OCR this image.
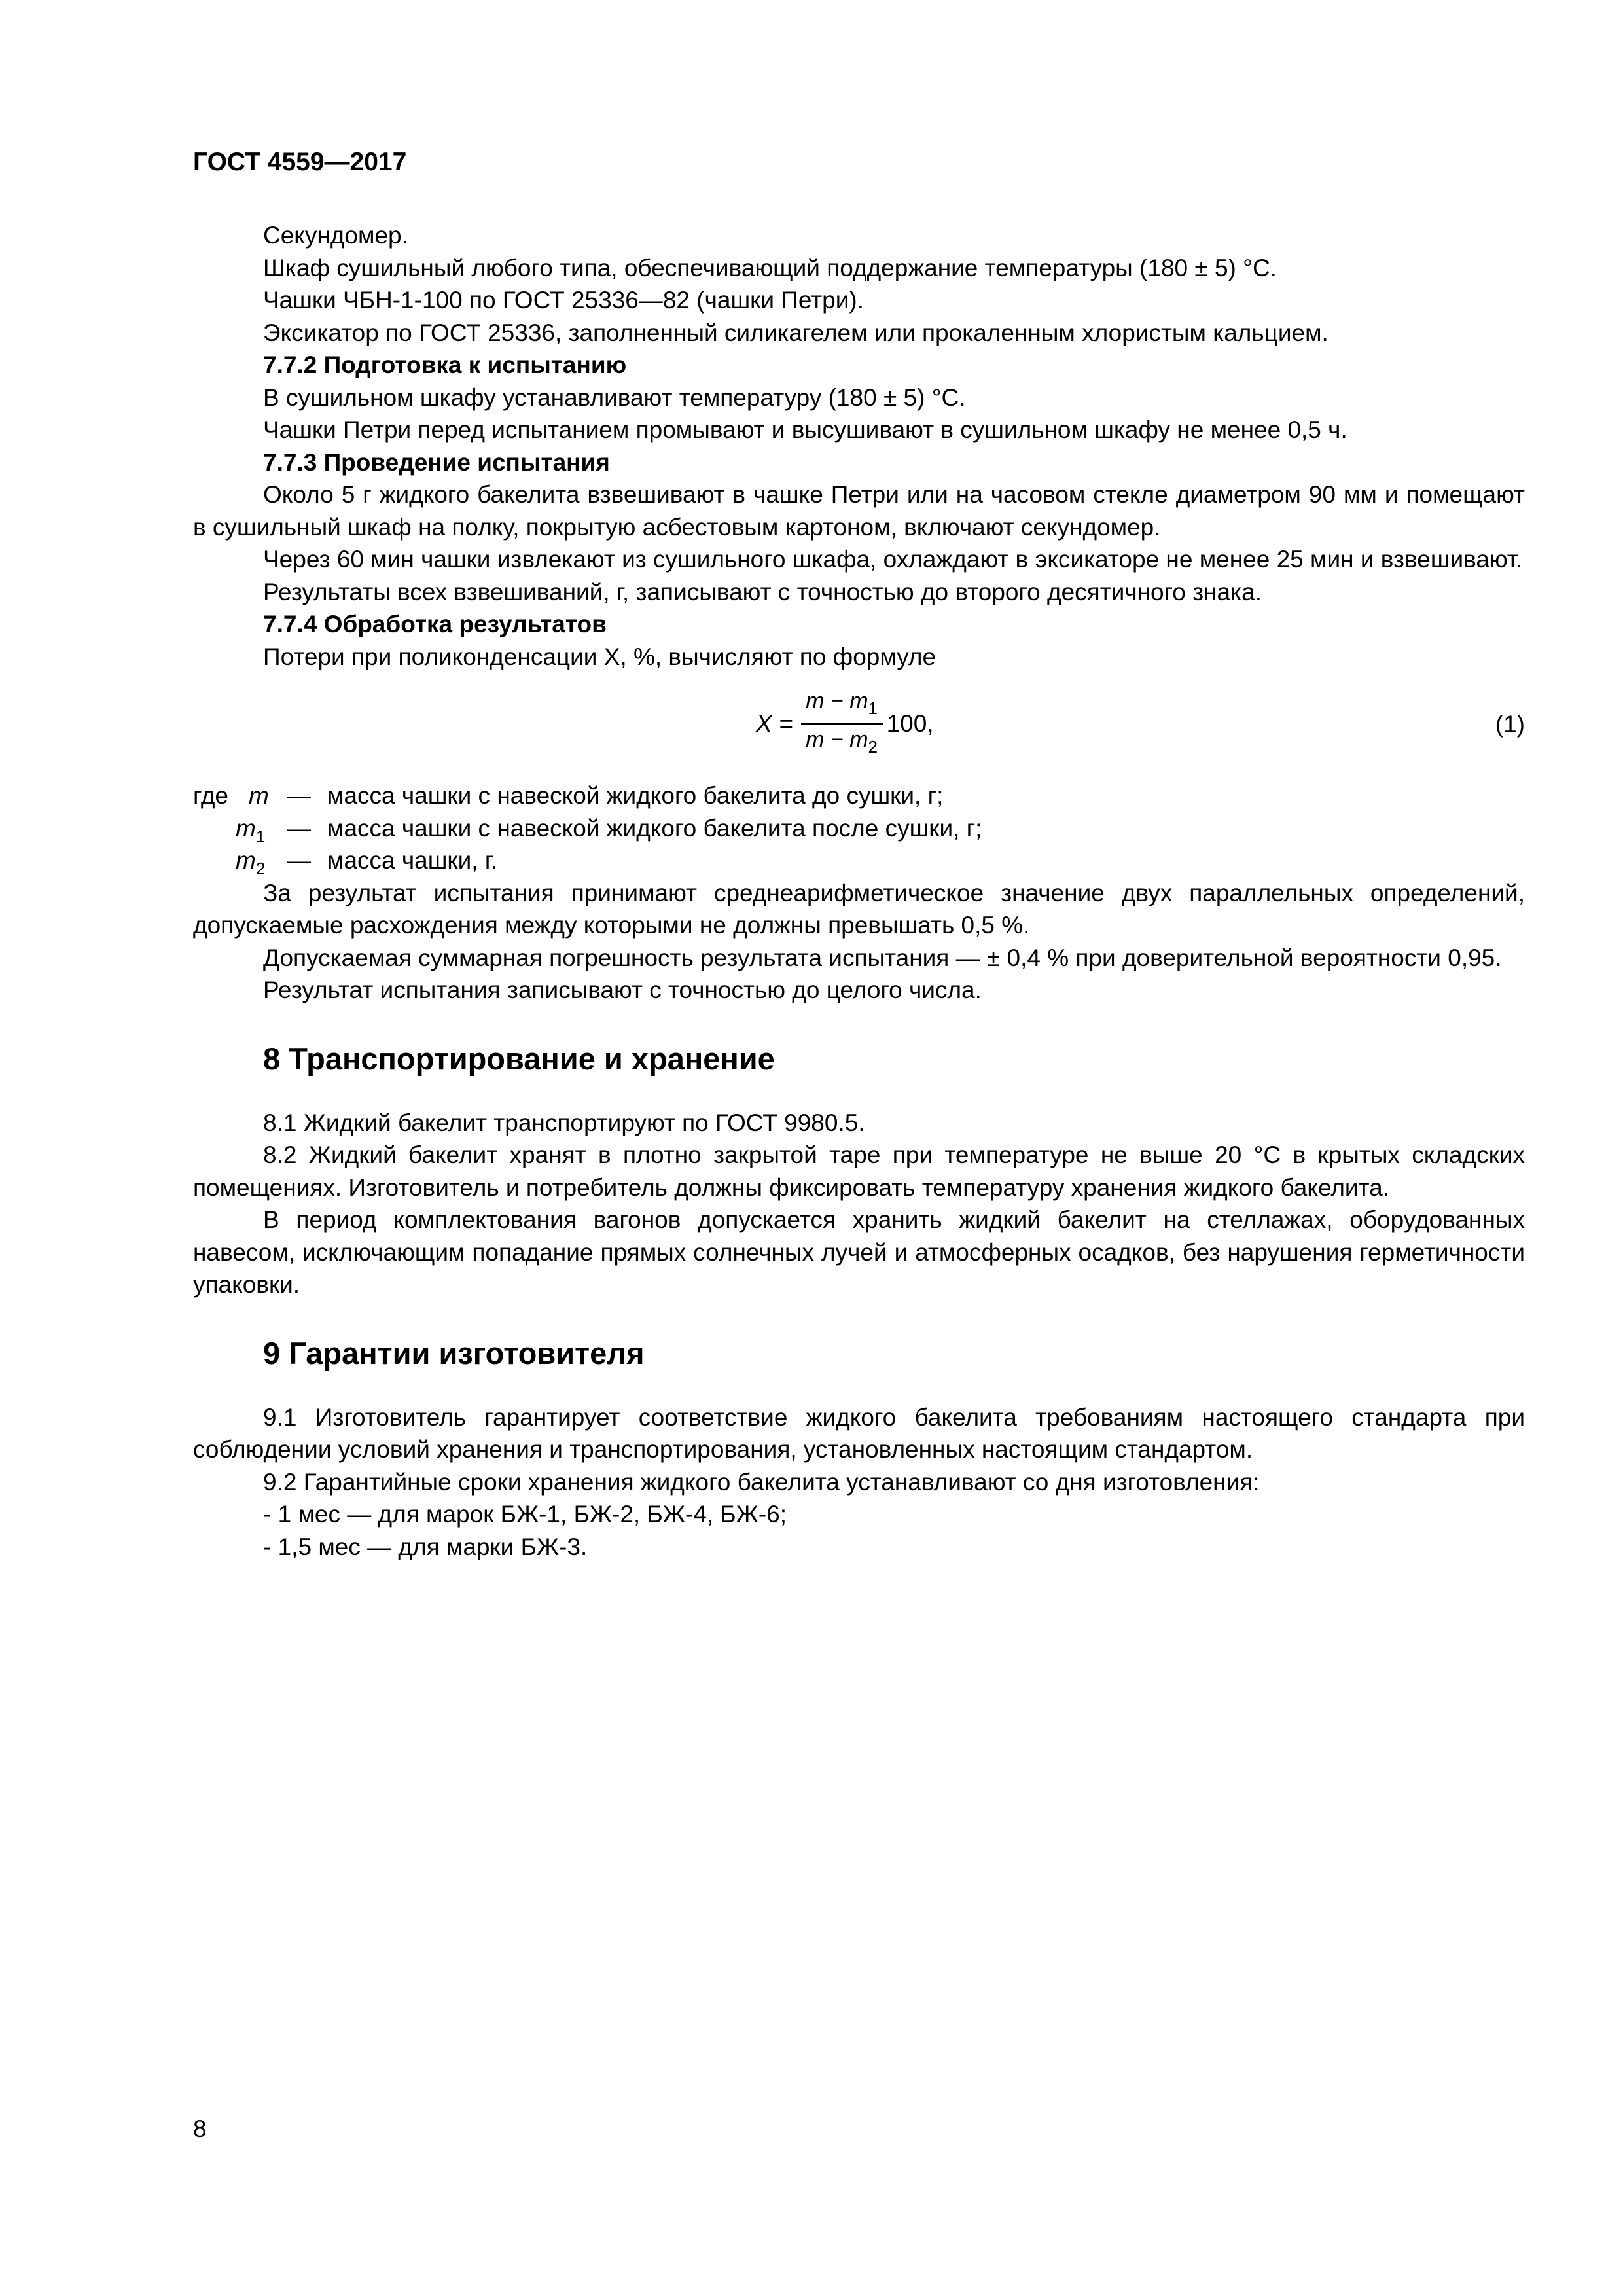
ГОСТ 4559—2017

Секундомер.

Шкаф сушильный любого типа, обеспечивающий поддержание температуры (180 ± 5) °С.

Чашки ЧБН-1-100 по ГОСТ 25336—82 (чашки Петри).

Эксикатор по ГОСТ 25336, заполненный силикагелем или прокаленным хлористым кальцием.

7.7.2 Подготовка к испытанию

В сушильном шкафу устанавливают температуру (180 ± 5) °С.

Чашки Петри перед испытанием промывают и высушивают в сушильном шкафу не менее 0,5 ч.

7.7.3 Проведение испытания

Около 5 г жидкого бакелита взвешивают в чашке Петри или на часовом стекле диаметром 90 мм и помещают в сушильный шкаф на полку, покрытую асбестовым картоном, включают секундомер.

Через 60 мин чашки извлекают из сушильного шкафа, охлаждают в эксикаторе не менее 25 мин и взвешивают.

Результаты всех взвешиваний, г, записывают с точностью до второго десятичного знака.

7.7.4 Обработка результатов

Потери при поликонденсации X, %, вычисляют по формуле

$X = \frac{m - m_1}{m - m_2} 100$,	(1)
где m — масса чашки с навеской жидкого бакелита до сушки, г;
$m_1$ — масса чашки с навеской жидкого бакелита после сушки, г;
$m_2$ — масса чашки, г.

За результат испытания принимают среднеарифметическое значение двух параллельных определений, допускаемые расхождения между которыми не должны превышать 0,5 %.

Допускаемая суммарная погрешность результата испытания — ± 0,4 % при доверительной вероятности 0,95.

Результат испытания записывают с точностью до целого числа.

8 Транспортирование и хранение

8.1 Жидкий бакелит транспортируют по ГОСТ 9980.5.

8.2 Жидкий бакелит хранят в плотно закрытой таре при температуре не выше 20 °С в крытых складских помещениях. Изготовитель и потребитель должны фиксировать температуру хранения жидкого бакелита.

В период комплектования вагонов допускается хранить жидкий бакелит на стеллажах, оборудованных навесом, исключающим попадание прямых солнечных лучей и атмосферных осадков, без нарушения герметичности упаковки.

9 Гарантии изготовителя

9.1 Изготовитель гарантирует соответствие жидкого бакелита требованиям настоящего стандарта при соблюдении условий хранения и транспортирования, установленных настоящим стандартом.

9.2 Гарантийные сроки хранения жидкого бакелита устанавливают со дня изготовления:

- 1 мес — для марок БЖ-1, БЖ-2, БЖ-4, БЖ-6;

- 1,5 мес — для марки БЖ-3.

8
